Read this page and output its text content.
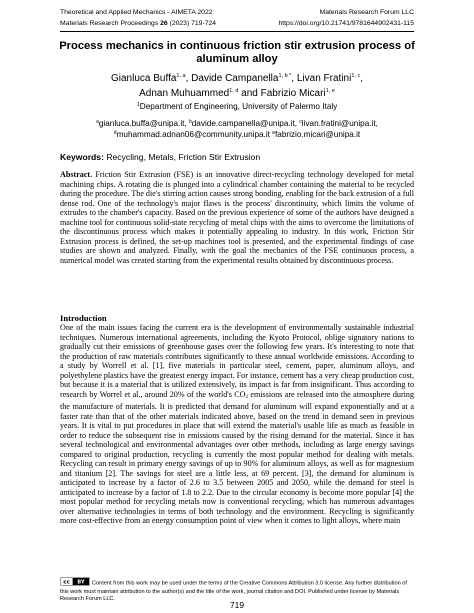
Theoretical and Applied Mechanics - AIMETA 2022	Materials Research Forum LLC
Materials Research Proceedings 26 (2023) 719-724	https://doi.org/10.21741/9781644902431-115
Process mechanics in continuous friction stir extrusion process of aluminum alloy
Gianluca Buffa$^{1, a}$, Davide Campanella$^{1, b *}$, Livan Fratini$^{1, c}$,
Adnan Muhuammed$^{1, d}$ and Fabrizio Micari$^{1, e}$
$^1$Department of Engineering, University of Palermo Italy
$^a$gianluca.buffa@unipa.it, $^b$davide.campanella@unipa.it, $^c$livan.fratini@unipa.it,
$^d$muhammad.adnan06@community.unipa.it $^e$fabrizio.micari@unipa.it
Keywords: Recycling, Metals, Friction Stir Extrusion
Abstract. Friction Stir Extrusion (FSE) is an innovative direct-recycling technology developed for metal machining chips. A rotating die is plunged into a cylindrical chamber containing the material to be recycled during the procedure. The die's stirring action causes strong bonding, enabling for the back extrusion of a full dense rod. One of the technology's major flaws is the process' discontinuity, which limits the volume of extrudes to the chamber's capacity. Based on the previous experience of some of the authors have designed a machine tool for continuous solid-state recycling of metal chips with the aims to overcome the limitations of the discontinuous process which makes it potentially appealing to industry. In this work, Friction Stir Extrusion process is defined, the set-up machines tool is presented, and the experimental findings of case studies are shown and analyzed. Finally, with the goal the mechanics of the FSE continuous process, a numerical model was created starting from the experimental results obtained by discontinuous process.
Introduction
One of the main issues facing the current era is the development of environmentally sustainable industrial techniques. Numerous international agreements, including the Kyoto Protocol, oblige signatory nations to gradually cut their emissions of greenhouse gases over the following few years. It's interesting to note that the production of raw materials contributes significantly to these annual worldwide emissions. According to a study by Worrell et al. [1], five materials in particular steel, cement, paper, aluminum alloys, and polyethylene plastics have the greatest energy impact. For instance, cement has a very cheap production cost, but because it is a material that is utilized extensively, its impact is far from insignificant. Thus according to research by Worrel et al., around 20% of the world's $CO_2$ emissions are released into the atmosphere during the manufacture of materials. It is predicted that demand for aluminum will expand exponentially and at a faster rate than that of the other materials indicated above, based on the trend in demand seen in previous years. It is vital to put procedures in place that will extend the material's usable life as much as feasible in order to reduce the subsequent rise in emissions caused by the rising demand for the material. Since it has several technological and environmental advantages over other methods, including as large energy savings compared to original production, recycling is currently the most popular method for dealing with metals. Recycling can result in primary energy savings of up to 90% for aluminum alloys, as well as for magnesium and titanium [2]. The savings for steel are a little less, at 69 percent. [3], the demand for aluminum is anticipated to increase by a factor of 2.6 to 3.5 between 2005 and 2050, while the demand for steel is anticipated to increase by a factor of 1.8 to 2.2. Due to the circular economy is become more popular [4] the most popular method for recycling metals now is conventional recycling, which has numerous advantages over alternative technologies in terms of both technology and the environment. Recycling is significantly more cost-effective from an energy consumption point of view when it comes to light alloys, where main
cc BY Content from this work may be used under the terms of the Creative Commons Attribution 3.0 license. Any further distribution of this work must maintain attribution to the author(s) and the title of the work, journal citation and DOI. Published under license by Materials Research Forum LLC.
719
